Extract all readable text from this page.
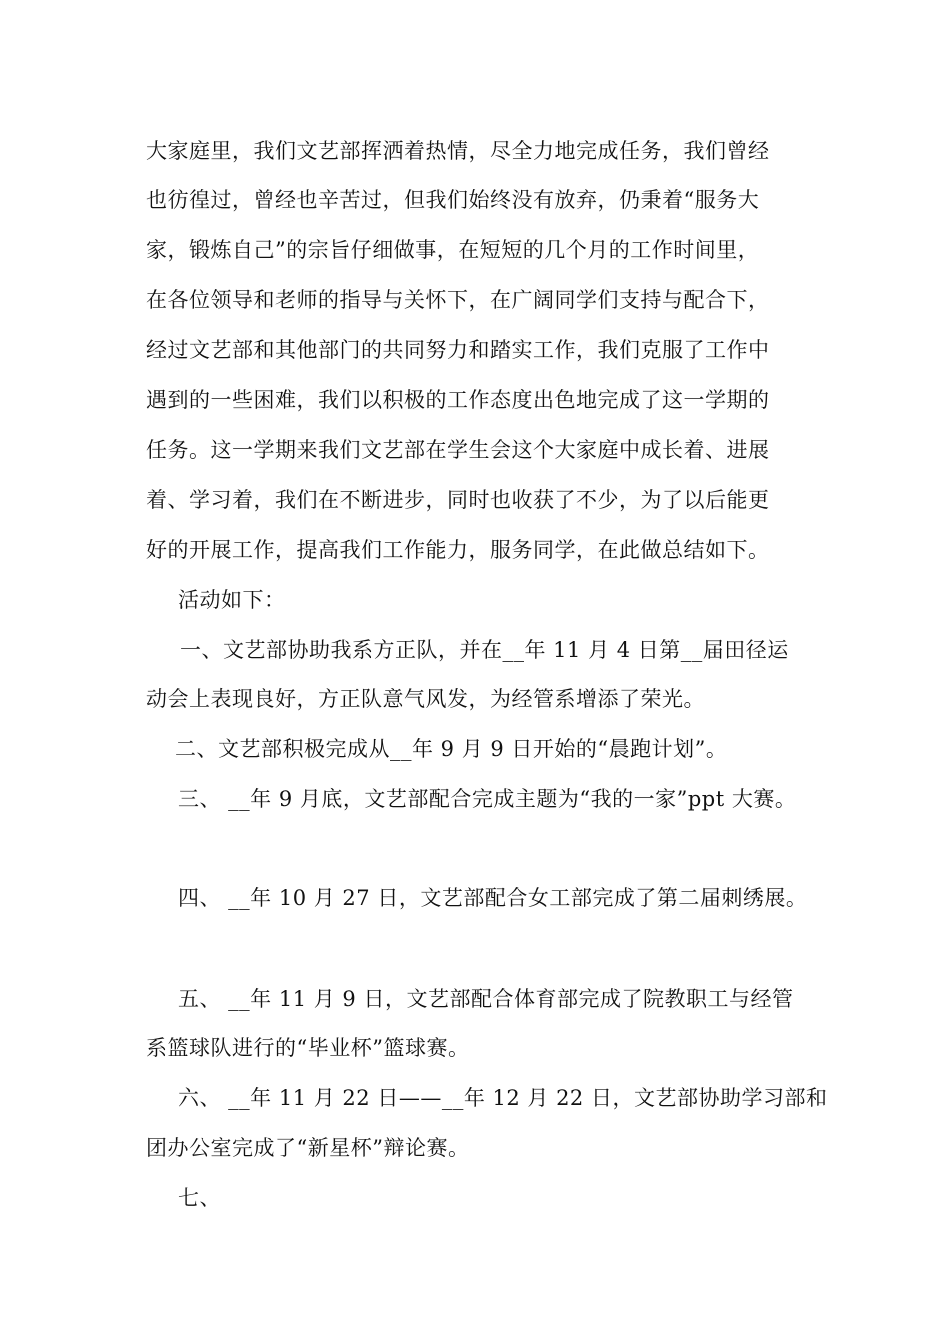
大家庭里，我们文艺部挥洒着热情，尽全力地完成任务，我们曾经
也彷徨过，曾经也辛苦过，但我们始终没有放弃，仍秉着“服务大
家，锻炼自己”的宗旨仔细做事，在短短的几个月的工作时间里，
在各位领导和老师的指导与关怀下，在广阔同学们支持与配合下，
经过文艺部和其他部门的共同努力和踏实工作，我们克服了工作中
遇到的一些困难，我们以积极的工作态度出色地完成了这一学期的
任务。这一学期来我们文艺部在学生会这个大家庭中成长着、进展
着、学习着，我们在不断进步，同时也收获了不少，为了以后能更
好的开展工作，提高我们工作能力，服务同学，在此做总结如下。
活动如下：
一、文艺部协助我系方正队，并在__年 11 月 4 日第__届田径运
动会上表现良好，方正队意气风发，为经管系增添了荣光。
二、文艺部积极完成从__年 9 月 9 日开始的“晨跑计划”。
三、 __年 9 月底，文艺部配合完成主题为“我的一家”ppt 大赛。
四、 __年 10 月 27 日，文艺部配合女工部完成了第二届刺绣展。
五、 __年 11 月 9 日，文艺部配合体育部完成了院教职工与经管
系篮球队进行的“毕业杯”篮球赛。
六、 __年 11 月 22 日——__年 12 月 22 日，文艺部协助学习部和
团办公室完成了“新星杯”辩论赛。
七、
